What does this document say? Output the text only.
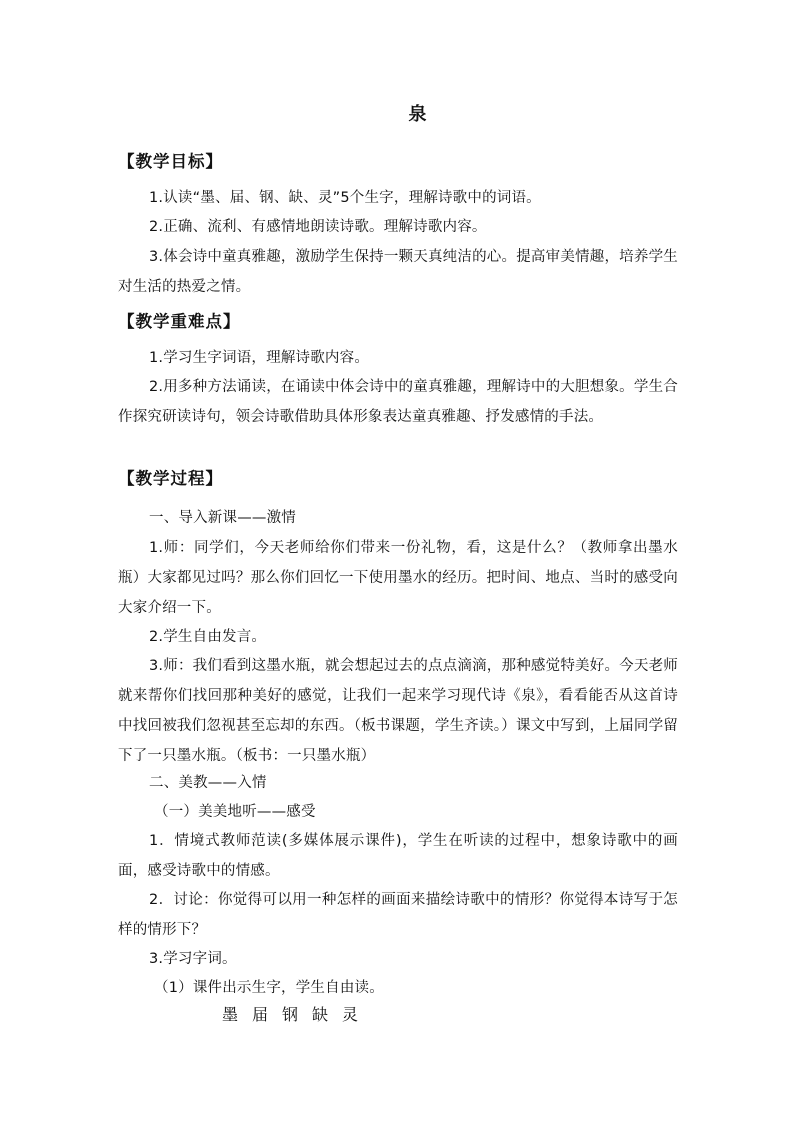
泉
【教学目标】
1.认读“墨、届、钢、缺、灵”5个生字，理解诗歌中的词语。
2.正确、流利、有感情地朗读诗歌。理解诗歌内容。
3.体会诗中童真雅趣，激励学生保持一颗天真纯洁的心。提高审美情趣，培养学生对生活的热爱之情。
【教学重难点】
1.学习生字词语，理解诗歌内容。
2.用多种方法诵读，在诵读中体会诗中的童真雅趣，理解诗中的大胆想象。学生合作探究研读诗句，领会诗歌借助具体形象表达童真雅趣、抒发感情的手法。
【教学过程】
一、导入新课——激情
1.师：同学们，今天老师给你们带来一份礼物，看，这是什么？（教师拿出墨水瓶）大家都见过吗？那么你们回忆一下使用墨水的经历。把时间、地点、当时的感受向大家介绍一下。
2.学生自由发言。
3.师：我们看到这墨水瓶，就会想起过去的点点滴滴，那种感觉特美好。今天老师就来帮你们找回那种美好的感觉，让我们一起来学习现代诗《泉》，看看能否从这首诗中找回被我们忽视甚至忘却的东西。（板书课题，学生齐读。）课文中写到，上届同学留下了一只墨水瓶。（板书：一只墨水瓶）
二、美教——入情
（一）美美地听——感受
1．情境式教师范读(多媒体展示课件)，学生在听读的过程中，想象诗歌中的画面，感受诗歌中的情感。
2．讨论：你觉得可以用一种怎样的画面来描绘诗歌中的情形？你觉得本诗写于怎样的情形下？
3.学习字词。
（1）课件出示生字，学生自由读。
墨届钢缺灵
